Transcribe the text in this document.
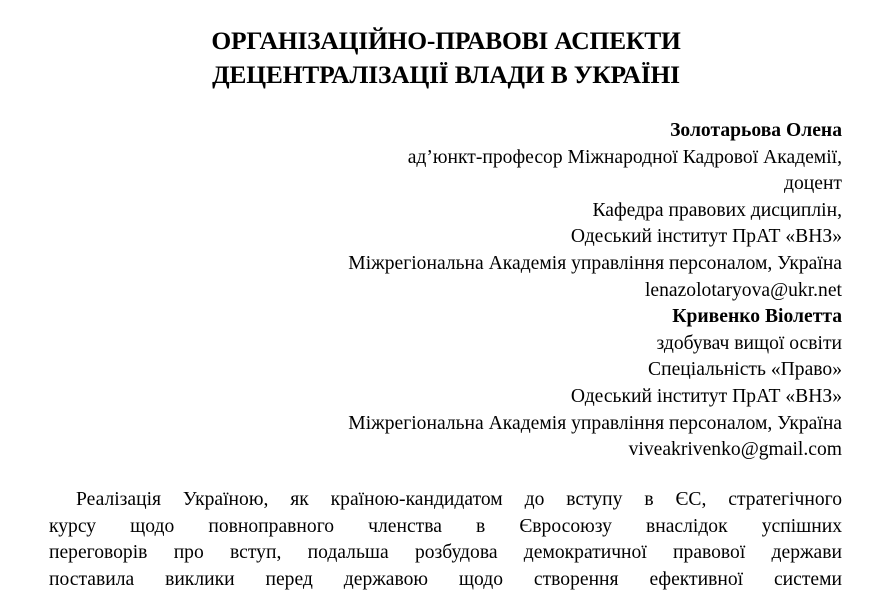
ОРГАНІЗАЦІЙНО-ПРАВОВІ АСПЕКТИ
ДЕЦЕНТРАЛІЗАЦІЇ ВЛАДИ В УКРАЇНІ
Золотарьова Олена
ад’юнкт-професор Міжнародної Кадрової Академії,
доцент
Кафедра правових дисциплін,
Одеський інститут ПрАТ «ВНЗ»
Міжрегіональна Академія управління персоналом, Україна
lenazolotaryova@ukr.net
Кривенко Віолетта
здобувач вищої освіти
Спеціальність «Право»
Одеський інститут ПрАТ «ВНЗ»
Міжрегіональна Академія управління персоналом, Україна
viveakrivenko@gmail.com
Реалізація Україною, як країною-кандидатом до вступу в ЄС, стратегічного
курсу щодо повноправного членства в Євросоюзу внаслідок успішних
переговорів про вступ, подальша розбудова демократичної правової держави
поставила виклики перед державою щодо створення ефективної системи
